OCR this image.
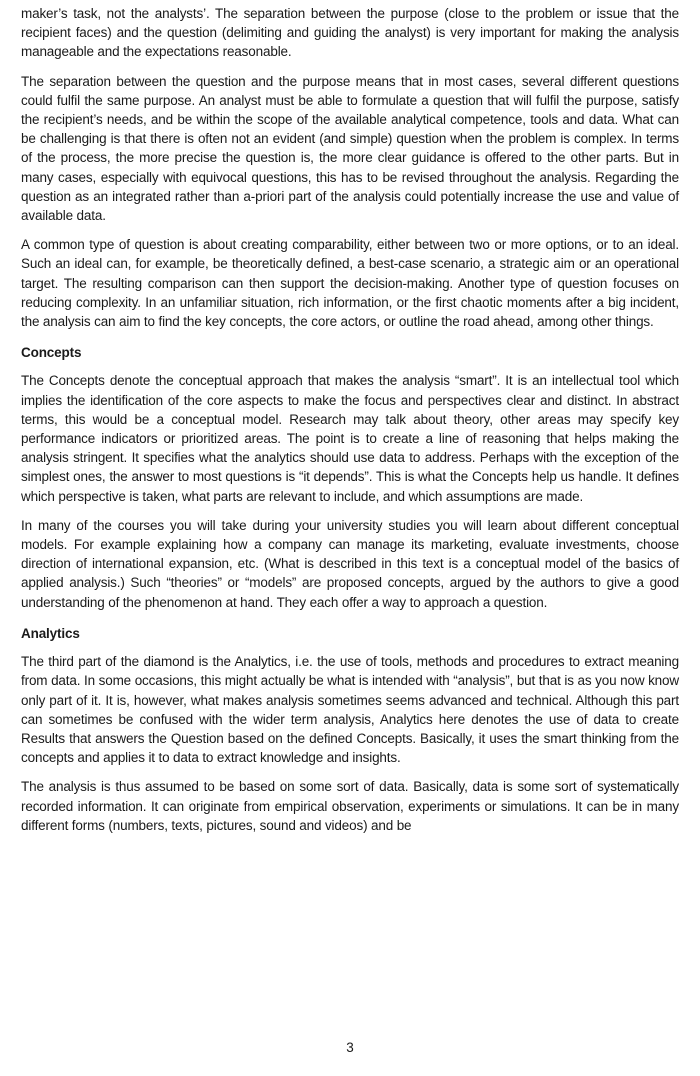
maker’s task, not the analysts’. The separation between the purpose (close to the problem or issue that the recipient faces) and the question (delimiting and guiding the analyst) is very important for making the analysis manageable and the expectations reasonable.

The separation between the question and the purpose means that in most cases, several different questions could fulfil the same purpose. An analyst must be able to formulate a question that will fulfil the purpose, satisfy the recipient’s needs, and be within the scope of the available analytical competence, tools and data. What can be challenging is that there is often not an evident (and simple) question when the problem is complex. In terms of the process, the more precise the question is, the more clear guidance is offered to the other parts. But in many cases, especially with equivocal questions, this has to be revised throughout the analysis. Regarding the question as an integrated rather than a-priori part of the analysis could potentially increase the use and value of available data.

A common type of question is about creating comparability, either between two or more options, or to an ideal. Such an ideal can, for example, be theoretically defined, a best-case scenario, a strategic aim or an operational target. The resulting comparison can then support the decision-making. Another type of question focuses on reducing complexity. In an unfamiliar situation, rich information, or the first chaotic moments after a big incident, the analysis can aim to find the key concepts, the core actors, or outline the road ahead, among other things.

Concepts

The Concepts denote the conceptual approach that makes the analysis “smart”. It is an intellectual tool which implies the identification of the core aspects to make the focus and perspectives clear and distinct. In abstract terms, this would be a conceptual model. Research may talk about theory, other areas may specify key performance indicators or prioritized areas. The point is to create a line of reasoning that helps making the analysis stringent. It specifies what the analytics should use data to address. Perhaps with the exception of the simplest ones, the answer to most questions is “it depends”. This is what the Concepts help us handle. It defines which perspective is taken, what parts are relevant to include, and which assumptions are made.

In many of the courses you will take during your university studies you will learn about different conceptual models. For example explaining how a company can manage its marketing, evaluate investments, choose direction of international expansion, etc. (What is described in this text is a conceptual model of the basics of applied analysis.) Such “theories” or “models” are proposed concepts, argued by the authors to give a good understanding of the phenomenon at hand. They each offer a way to approach a question.

Analytics

The third part of the diamond is the Analytics, i.e. the use of tools, methods and procedures to extract meaning from data. In some occasions, this might actually be what is intended with “analysis”, but that is as you now know only part of it. It is, however, what makes analysis sometimes seems advanced and technical. Although this part can sometimes be confused with the wider term analysis, Analytics here denotes the use of data to create Results that answers the Question based on the defined Concepts. Basically, it uses the smart thinking from the concepts and applies it to data to extract knowledge and insights.

The analysis is thus assumed to be based on some sort of data. Basically, data is some sort of systematically recorded information. It can originate from empirical observation, experiments or simulations. It can be in many different forms (numbers, texts, pictures, sound and videos) and be

3
